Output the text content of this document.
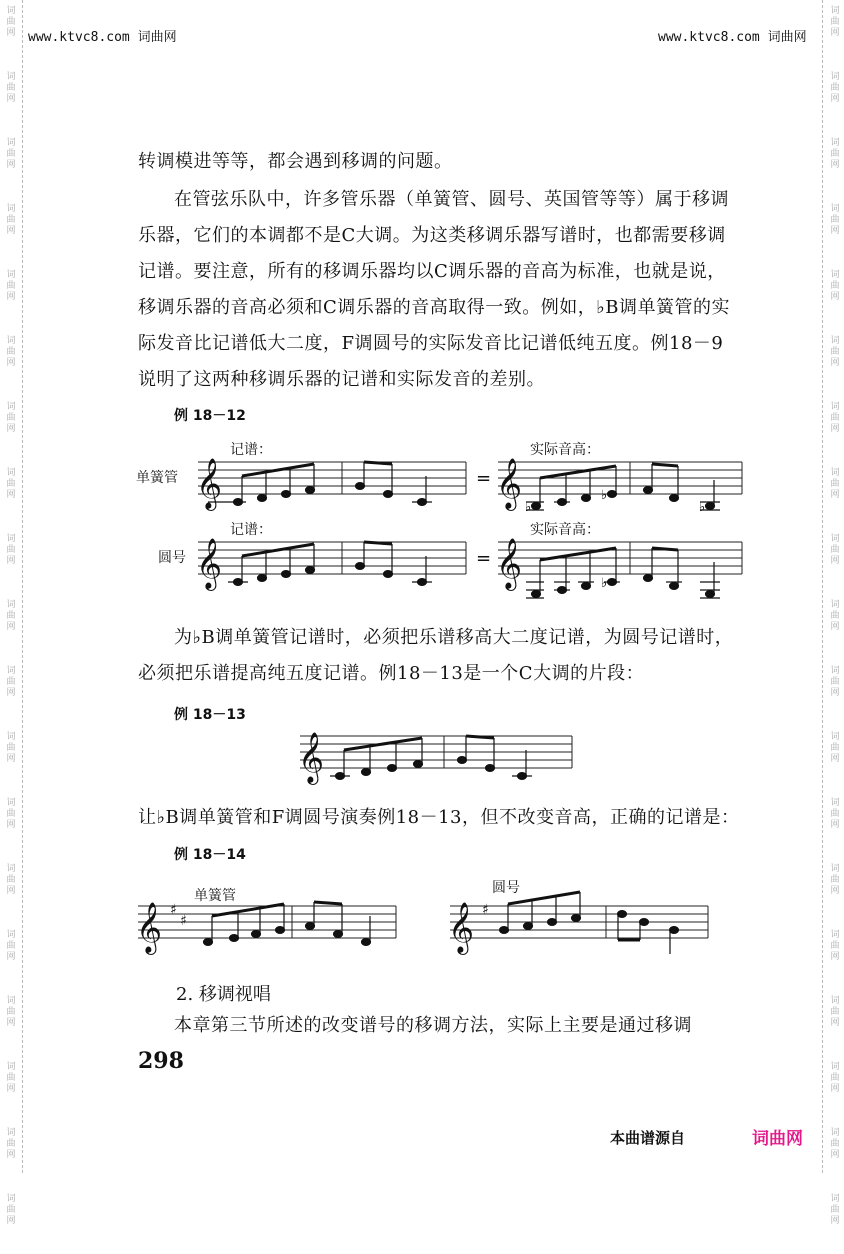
词
曲
网
词
曲
网
词
曲
网
词
曲
网
词
曲
网
词
曲
网
词
曲
网
词
曲
网
词
曲
网
词
曲
网
词
曲
网
词
曲
网
词
曲
网
词
曲
网
词
曲
网
词
曲
网
词
曲
网
词
曲
网
词
曲
网
词
曲
网
词
曲
网
词
曲
网
词
曲
网
词
曲
网
词
曲
网
词
曲
网
词
曲
网
词
曲
网
词
曲
网
词
曲
网
词
曲
网
词
曲
网
词
曲
网
词
曲
网
词
曲
网
词
曲
网
词
曲
网
词
曲
网
www.ktvc8.com 词曲网	www.ktvc8.com 词曲网

转调模进等等，都会遇到移调的问题。

在管弦乐队中，许多管乐器（单簧管、圆号、英国管等等）属于移调乐器，它们的本调都不是C大调。为这类移调乐器写谱时，也都需要移调记谱。要注意，所有的移调乐器均以C调乐器的音高为标准，也就是说，移调乐器的音高必须和C调乐器的音高取得一致。例如，♭B调单簧管的实际发音比记谱低大二度，F调圆号的实际发音比记谱低纯五度。例18－9说明了这两种移调乐器的记谱和实际发音的差别。

例 18－12
𝄞	𝄞
𝄞	𝄞
♭
♭
♭
♭
单簧管
圆号
记谱：	实际音高：
记谱：	实际音高：
=
=

为♭B调单簧管记谱时，必须把乐谱移高大二度记谱，为圆号记谱时，必须把乐谱提高纯五度记谱。例18－13是一个C大调的片段：

例 18－13
𝄞

让♭B调单簧管和F调圆号演奏例18－13，但不改变音高，正确的记谱是：

例 18－14
𝄞	𝄞
♯
♯
♯
单簧管	圆号
2. 移调视唱

本章第三节所述的改变谱号的移调方法，实际上主要是通过移调

298
本曲谱源自	词曲网
